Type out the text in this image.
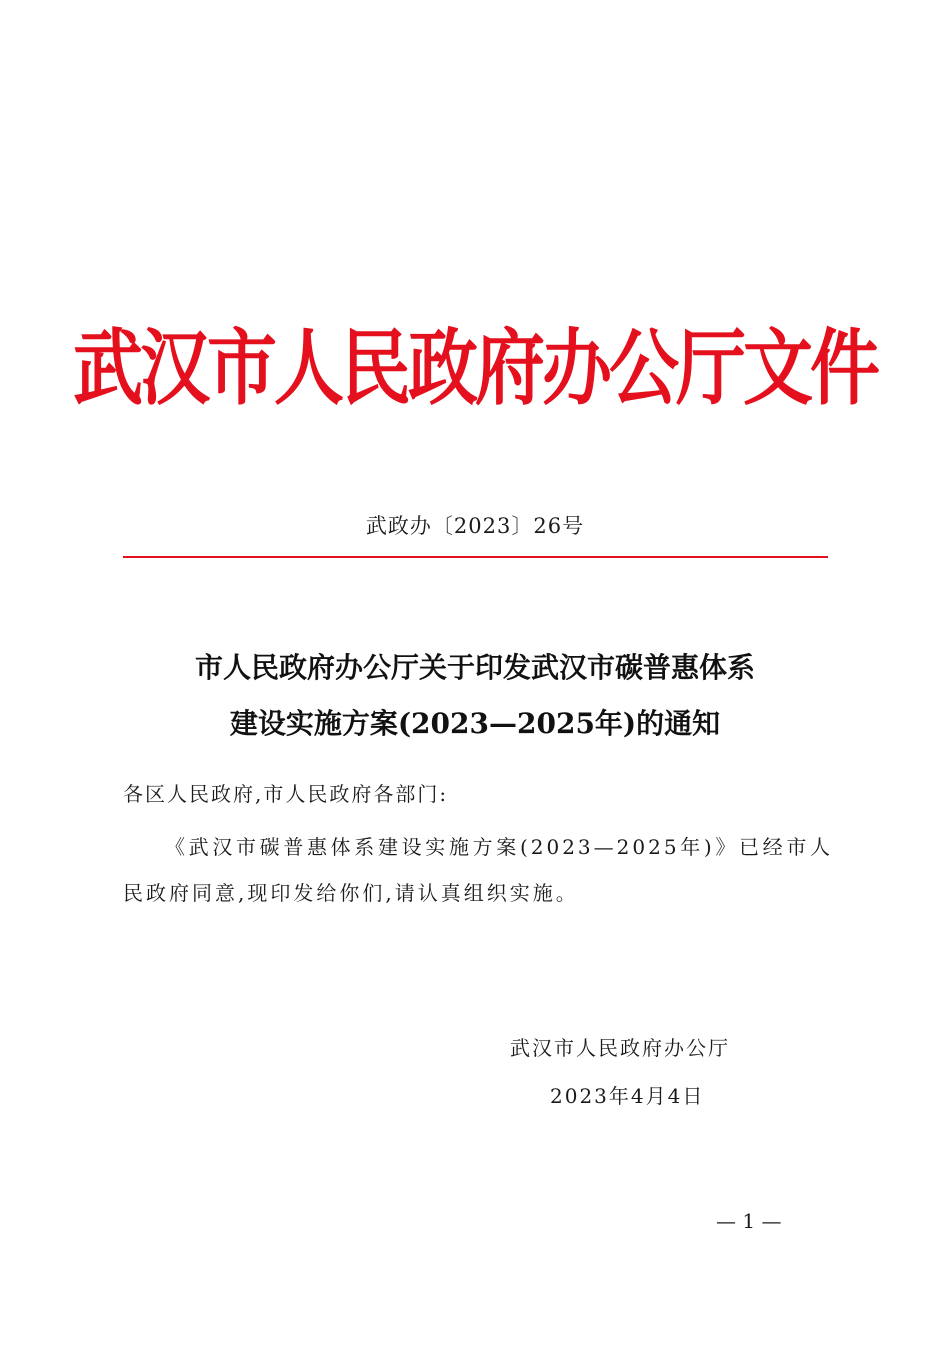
武汉市人民政府办公厅文件
武政办〔2023〕26号
市人民政府办公厅关于印发武汉市碳普惠体系
建设实施方案(2023—2025年)的通知
各区人民政府,市人民政府各部门:
《武汉市碳普惠体系建设实施方案(2023—2025年)》已经市人民政府同意,现印发给你们,请认真组织实施。
武汉市人民政府办公厅
2023年4月4日
— 1 —
